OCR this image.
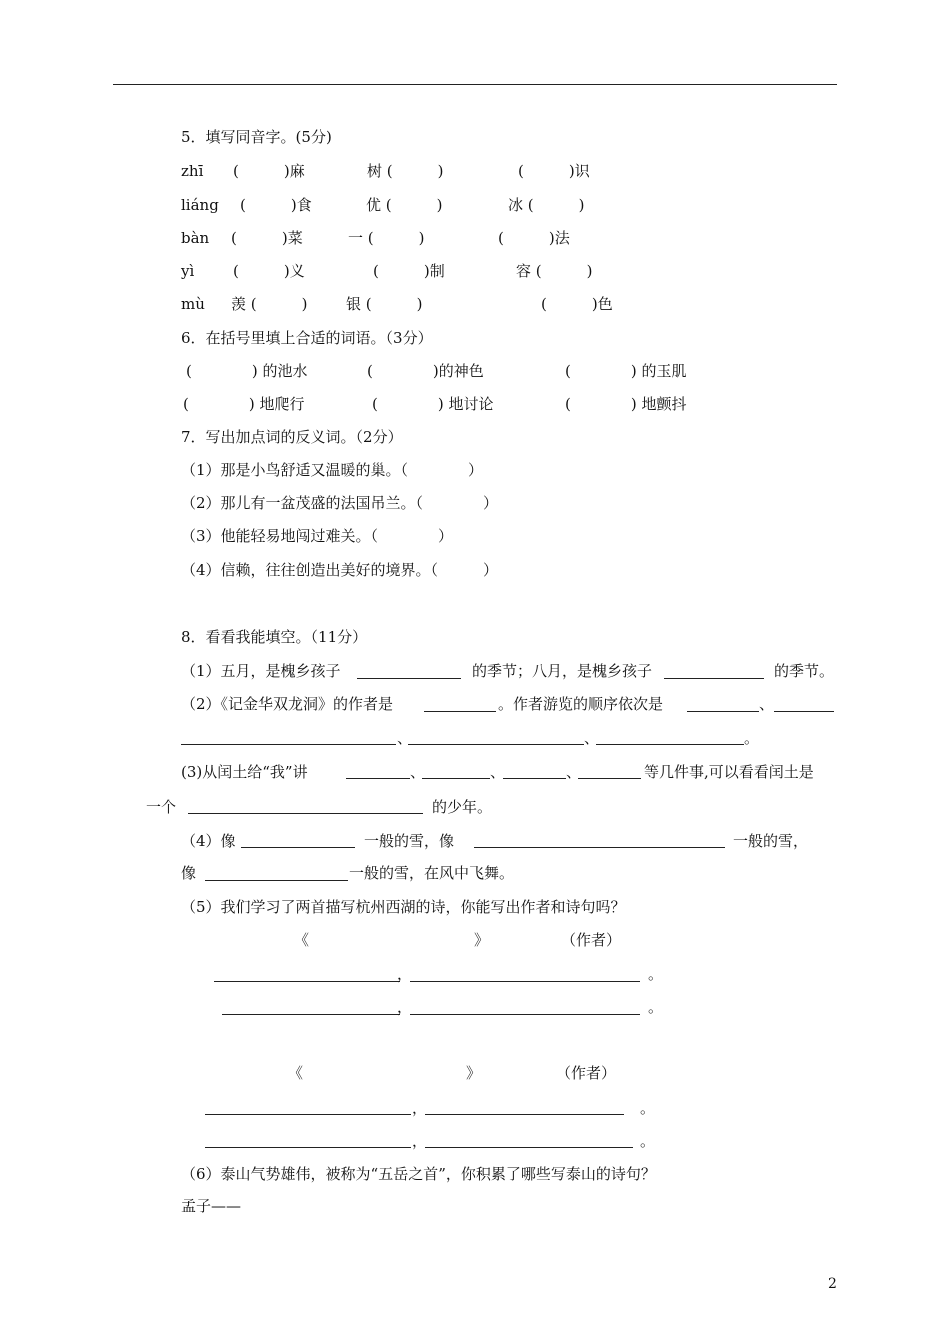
5．填写同音字。(5分)
zhī (　　　)麻	树 (　　　)	(　　　)识
liáng (　　　)食	优 (　　　)	冰 (　　　)
bàn (　　　)菜	一 (　　　)	(　　　)法
yì	(　　　)义	(　　　)制	容 (　　　)
mù 羡 (　　　)	银 (　　　)	(　　　)色
6．在括号里填上合适的词语。（3分）
(　　　　) 的池水	(　　　　)的神色	(　　　　) 的玉肌
(　　　　) 地爬行	(　　　　) 地讨论	(　　　　) 地颤抖
7．写出加点词的反义词。（2分）
（1）那是小鸟舒适又温暖的巢。（　　　　）
（2）那儿有一盆茂盛的法国吊兰。（　　　　）
（3）他能轻易地闯过难关。（　　　　）
（4）信赖，往往创造出美好的境界。（　　　）
8．看看我能填空。（11分）
（1）五月，是槐乡孩子	的季节；八月，是槐乡孩子	的季节。
（2）《记金华双龙洞》的作者是	。作者游览的顺序依次是	、
、	、	。
(3)从闰土给“我”讲	、	、	、	等几件事,可以看看闰土是
一个	的少年。
（4）像	一般的雪，像	一般的雪，
像	一般的雪，在风中飞舞。
（5）我们学习了两首描写杭州西湖的诗，你能写出作者和诗句吗？
《	》	（作者）
，	。
，	。
《	》	（作者）
，	。
，	。
（6）泰山气势雄伟，被称为“五岳之首”，你积累了哪些写泰山的诗句？
孟子——
2
